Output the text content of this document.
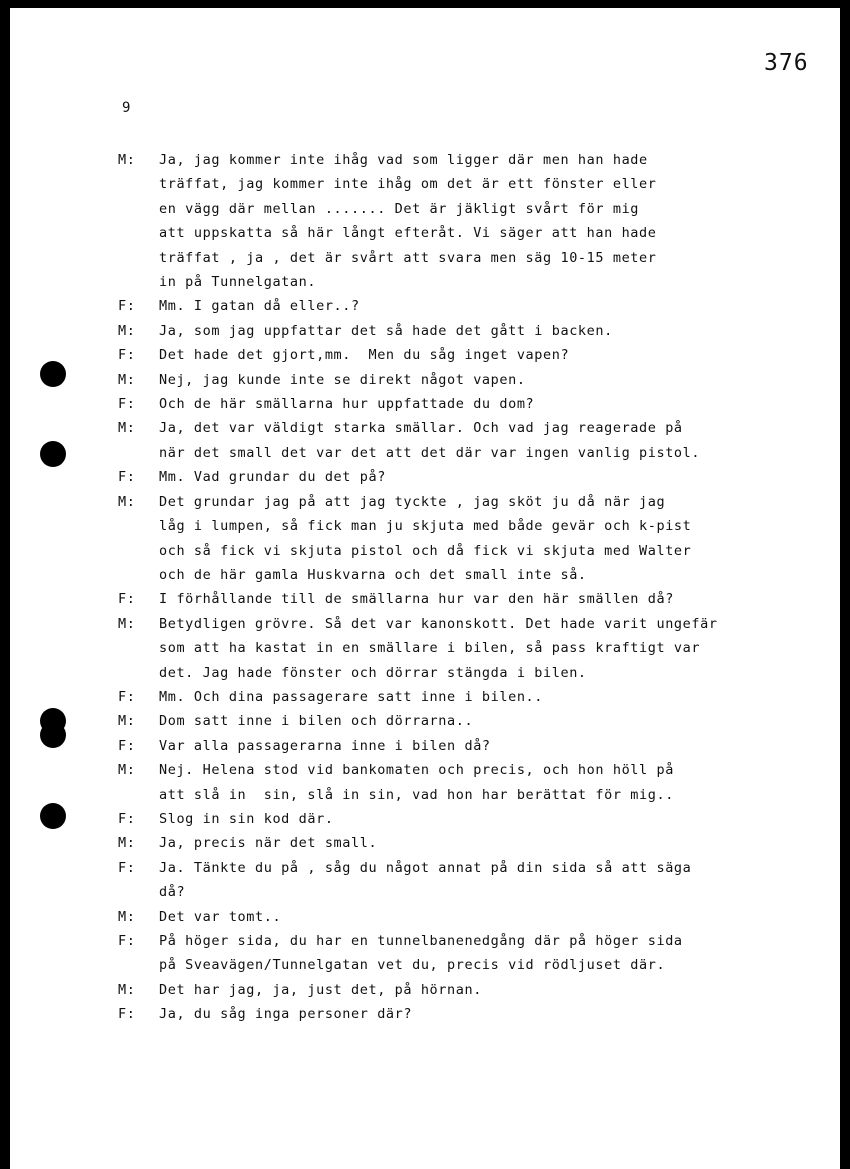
376
9
M:	Ja, jag kommer inte ihåg vad som ligger där men han hade
träffat, jag kommer inte ihåg om det är ett fönster eller
en vägg där mellan ....... Det är jäkligt svårt för mig
att uppskatta så här långt efteråt. Vi säger att han hade
träffat , ja , det är svårt att svara men säg 10-15 meter
in på Tunnelgatan.
F:	Mm. I gatan då eller..?
M:	Ja, som jag uppfattar det så hade det gått i backen.
F:	Det hade det gjort,mm.  Men du såg inget vapen?
M:	Nej, jag kunde inte se direkt något vapen.
F:	Och de här smällarna hur uppfattade du dom?
M:	Ja, det var väldigt starka smällar. Och vad jag reagerade på
när det small det var det att det där var ingen vanlig pistol.
F:	Mm. Vad grundar du det på?
M:	Det grundar jag på att jag tyckte , jag sköt ju då när jag
låg i lumpen, så fick man ju skjuta med både gevär och k-pist
och så fick vi skjuta pistol och då fick vi skjuta med Walter
och de här gamla Huskvarna och det small inte så.
F:	I förhållande till de smällarna hur var den här smällen då?
M:	Betydligen grövre. Så det var kanonskott. Det hade varit ungefär
som att ha kastat in en smällare i bilen, så pass kraftigt var
det. Jag hade fönster och dörrar stängda i bilen.
F:	Mm. Och dina passagerare satt inne i bilen..
M:	Dom satt inne i bilen och dörrarna..
F:	Var alla passagerarna inne i bilen då?
M:	Nej. Helena stod vid bankomaten och precis, och hon höll på
att slå in  sin, slå in sin, vad hon har berättat för mig..
F:	Slog in sin kod där.
M:	Ja, precis när det small.
F:	Ja. Tänkte du på , såg du något annat på din sida så att säga
då?
M:	Det var tomt..
F:	På höger sida, du har en tunnelbanenedgång där på höger sida
på Sveavägen/Tunnelgatan vet du, precis vid rödljuset där.
M:	Det har jag, ja, just det, på hörnan.
F:	Ja, du såg inga personer där?
